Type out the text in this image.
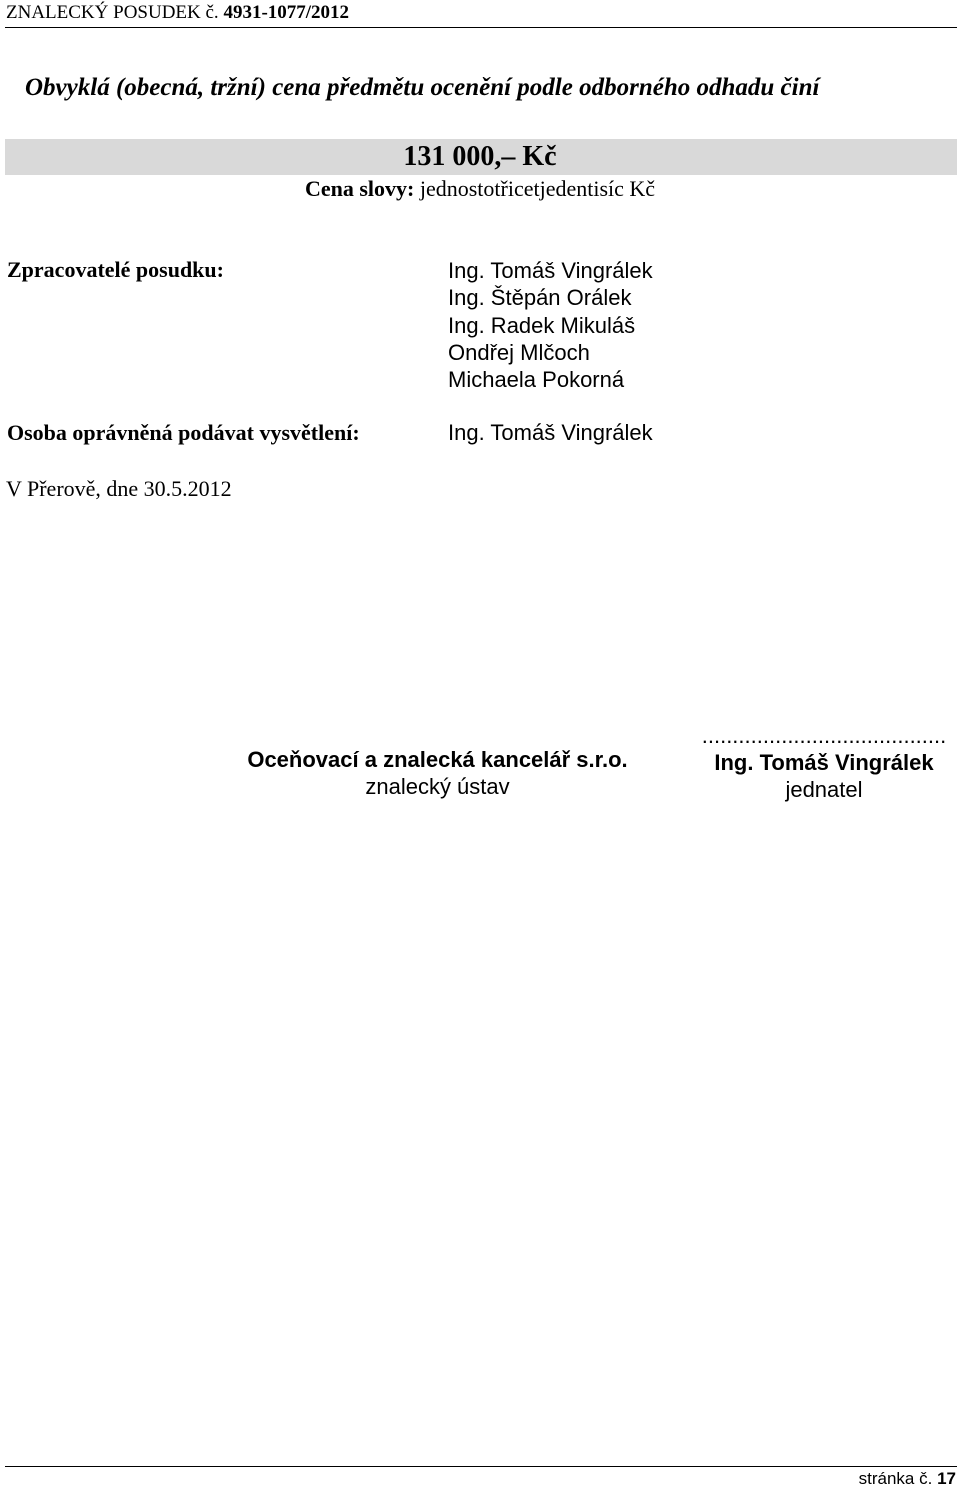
ZNALECKÝ POSUDEK č. 4931-1077/2012
Obvyklá (obecná, tržní) cena předmětu ocenění podle odborného odhadu činí
131 000,– Kč
Cena slovy: jednostotřicetjedentisíc Kč
Zpracovatelé posudku:	Ing. Tomáš Vingrálek
Ing. Štěpán Orálek
Ing. Radek Mikuláš
Ondřej Mlčoch
Michaela Pokorná
Osoba oprávněná podávat vysvětlení:	Ing. Tomáš Vingrálek
V Přerově, dne 30.5.2012
Oceňovací a znalecká kancelář s.r.o.
znalecký ústav
........................................
Ing. Tomáš Vingrálek
jednatel
stránka č. 17
